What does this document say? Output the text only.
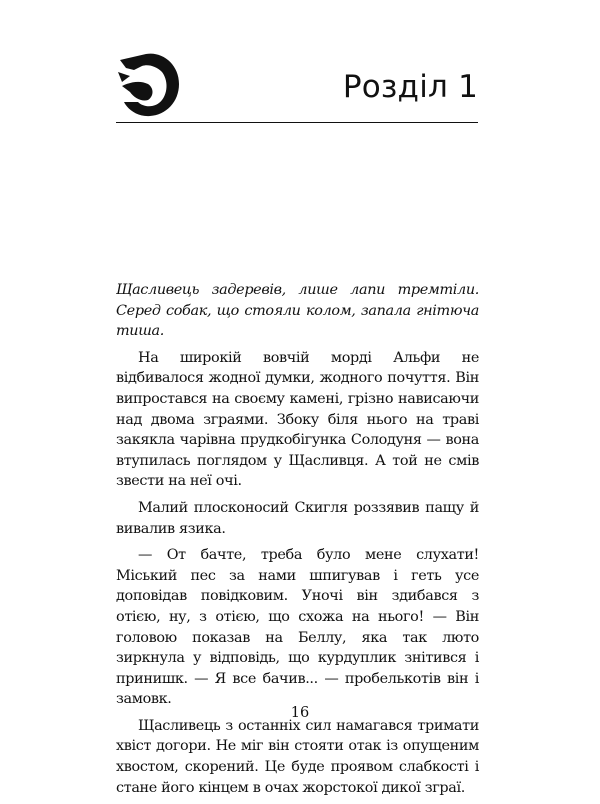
Розділ 1

Щасливець задеревів, лише лапи тремтіли. Серед собак, що стояли колом, запала гнітюча тиша.

На широкій вовчій морді Альфи не відбивалося жодної думки, жодного почуття. Він випростався на своєму камені, грізно нависаючи над двома зграями. Збоку біля нього на траві закякла чарівна прудкобігунка Солодуня — вона втупилась поглядом у Щасливця. А той не смів звести на неї очі.

Малий плосконосий Скигля роззявив пащу й вивалив язика.

— От бачте, треба було мене слухати! Міський пес за нами шпигував і геть усе доповідав повідковим. Уночі він здибався з отією, ну, з отією, що схожа на нього! — Він головою показав на Беллу, яка так люто зиркнула у відповідь, що курдуплик знітився і принишк. — Я все бачив... — пробелькотів він і замовк.

Щасливець з останніх сил намагався тримати хвіст догори. Не міг він стояти отак із опущеним хвостом, скорений. Це буде проявом слабкості і стане його кінцем в очах жорстокої дикої зграї.

16
